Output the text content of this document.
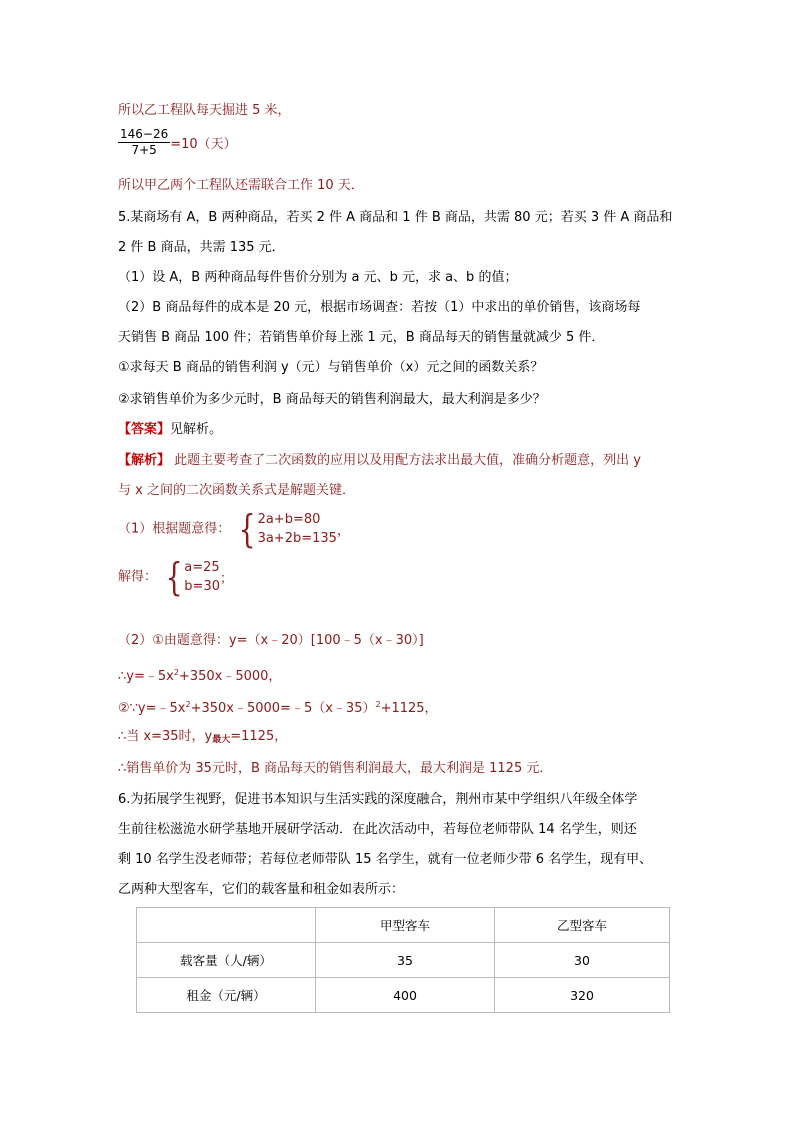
所以乙工程队每天掘进 5 米，
$\frac{146-26}{7+5} =10$（天）
所以甲乙两个工程队还需联合工作 10 天．
5.某商场有 A，B 两种商品，若买 2 件 A 商品和 1 件 B 商品，共需 80 元；若买 3 件 A 商品和
2 件 B 商品，共需 135 元．
（1）设 A，B 两种商品每件售价分别为 a 元、b 元，求 a、b 的值；
（2）B 商品每件的成本是 20 元，根据市场调查：若按（1）中求出的单价销售，该商场每
天销售 B 商品 100 件；若销售单价每上涨 1 元，B 商品每天的销售量就减少 5 件．
①求每天 B 商品的销售利润 y（元）与销售单价（x）元之间的函数关系？
②求销售单价为多少元时，B 商品每天的销售利润最大，最大利润是多少？
【答案】见解析。
【解析】 此题主要考查了二次函数的应用以及用配方法求出最大值，准确分析题意，列出 y
与 x 之间的二次函数关系式是解题关键．
（1）根据题意得： { 2a+b=80
3a+2b=135 ，
解得： { a=25
b=30 ；
（2）①由题意得：y=（x﹣20）[100﹣5（x﹣30）]
$\therefore y=﹣5x^2+350x﹣5000$，
$②\because y=﹣5x^2+350x﹣5000=﹣5(x﹣35)^2+1125$，
∴当 x=35时，$y_{最大}=1125$，
∴销售单价为 35元时，B 商品每天的销售利润最大，最大利润是 1125 元．
6.为拓展学生视野，促进书本知识与生活实践的深度融合，荆州市某中学组织八年级全体学
生前往松滋洈水研学基地开展研学活动．在此次活动中，若每位老师带队 14 名学生，则还
剩 10 名学生没老师带；若每位老师带队 15 名学生，就有一位老师少带 6 名学生，现有甲、
乙两种大型客车，它们的载客量和租金如表所示：
	甲型客车	乙型客车
载客量（人/辆）	35	30
租金（元/辆）	400	320
